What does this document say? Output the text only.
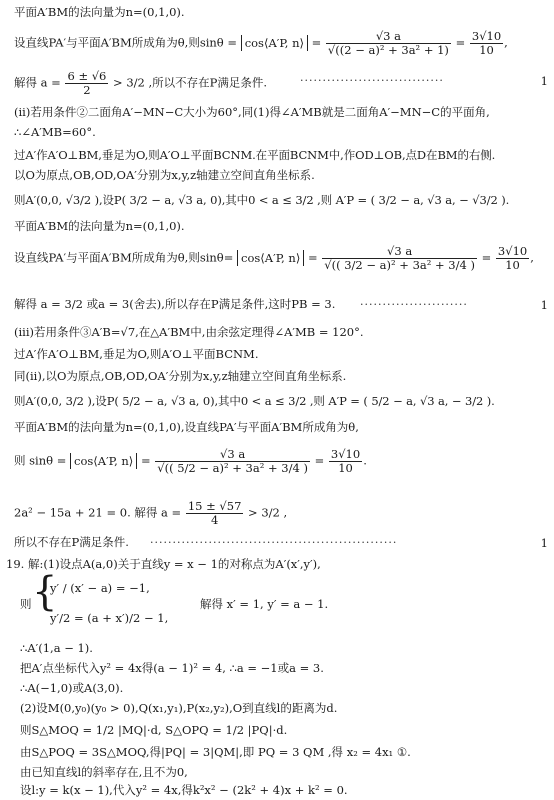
平面A′BM的法向量为n=(0,1,0).
设直线PA′与平面A′BM所成角为θ,则sinθ = cos⟨A′P, n⟩ = $\frac{√3 a}{\text{√((2 − a)² + 3a² + 1)}} = \frac{3√10}{10}$ ,
解得 $a = \frac{6 \pm √6}{2} > 3/2$ ,所以不存在P满足条件.	································	1
(ii)若用条件②二面角A′−MN−C大小为60°,同(1)得∠A′MB就是二面角A′−MN−C的平面角,
∴∠A′MB=60°.
过A′作A′O⊥BM,垂足为O,则A′O⊥平面BCNM.在平面BCNM中,作OD⊥OB,点D在BM的右侧.
以O为原点,OB,OD,OA′分别为x,y,z轴建立空间直角坐标系.
则A′(0,0, √3/2 ),设P( 3/2 − a, √3 a, 0),其中0 < a ≤ 3/2 ,则 A′P = ( 3/2 − a, √3 a, − √3/2 ).
平面A′BM的法向量为n=(0,1,0).
设直线PA′与平面A′BM所成角为θ,则sinθ= cos⟨A′P, n⟩ = $\frac{√3 a}{\text{√(( 3/2 − a)² + 3a² + 3/4 )}} = \frac{3√10}{10}$ ,
解得 a = 3/2 或a = 3(舍去),所以存在P满足条件,这时PB = 3. ························	1
(iii)若用条件③A′B=√7,在△A′BM中,由余弦定理得∠A′MB = 120°.
过A′作A′O⊥BM,垂足为O,则A′O⊥平面BCNM.
同(ii),以O为原点,OB,OD,OA′分别为x,y,z轴建立空间直角坐标系.
则A′(0,0, 3/2 ),设P( 5/2 − a, √3 a, 0),其中0 < a ≤ 3/2 ,则 A′P = ( 5/2 − a, √3 a, − 3/2 ).
平面A′BM的法向量为n=(0,1,0),设直线PA′与平面A′BM所成角为θ,
则 sinθ = cos⟨A′P, n⟩ = $\frac{√3 a}{\text{√(( 5/2 − a)² + 3a² + 3/4 )}} = \frac{3√10}{10}$ .
2a² − 15a + 21 = 0. 解得 $a = \frac{15 \pm √57}{4} > 3/2$ ,
所以不存在P满足条件. ·······················································	1
19. 解:(1)设点A(a,0)关于直线y = x − 1的对称点为A′(x′,y′),
则 {
y′ / (x′ − a) = −1,
y′/2 = (a + x′)/2 − 1,
解得 x′ = 1, y′ = a − 1.
∴A′(1,a − 1).
把A′点坐标代入y² = 4x得(a − 1)² = 4, ∴a = −1或a = 3.
∴A(−1,0)或A(3,0).
(2)设M(0,y₀)(y₀ > 0),Q(x₁,y₁),P(x₂,y₂),O到直线l的距离为d.
则S△MOQ = 1/2 |MQ|·d, S△OPQ = 1/2 |PQ|·d.
由S△POQ = 3S△MOQ,得|PQ| = 3|QM|,即 PQ = 3 QM ,得 x₂ = 4x₁ ①.
由已知直线l的斜率存在,且不为0,
设l:y = k(x − 1),代入y² = 4x,得k²x² − (2k² + 4)x + k² = 0.
